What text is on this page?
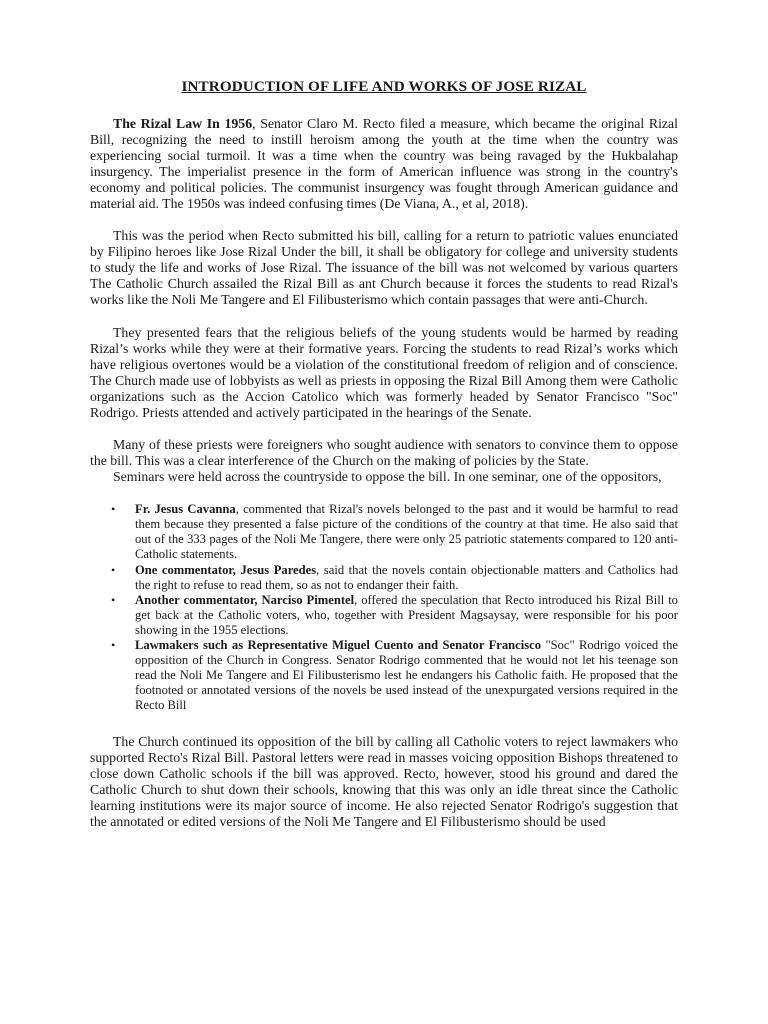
INTRODUCTION OF LIFE AND WORKS OF JOSE RIZAL

The Rizal Law In 1956, Senator Claro M. Recto filed a measure, which became the original Rizal Bill, recognizing the need to instill heroism among the youth at the time when the country was experiencing social turmoil. It was a time when the country was being ravaged by the Hukbalahap insurgency. The imperialist presence in the form of American influence was strong in the country's economy and political policies. The communist insurgency was fought through American guidance and material aid. The 1950s was indeed confusing times (De Viana, A., et al, 2018).

This was the period when Recto submitted his bill, calling for a return to patriotic values enunciated by Filipino heroes like Jose Rizal Under the bill, it shall be obligatory for college and university students to study the life and works of Jose Rizal. The issuance of the bill was not welcomed by various quarters The Catholic Church assailed the Rizal Bill as ant Church because it forces the students to read Rizal's works like the Noli Me Tangere and El Filibusterismo which contain passages that were anti-Church.

They presented fears that the religious beliefs of the young students would be harmed by reading Rizal’s works while they were at their formative years. Forcing the students to read Rizal’s works which have religious overtones would be a violation of the constitutional freedom of religion and of conscience. The Church made use of lobbyists as well as priests in opposing the Rizal Bill Among them were Catholic organizations such as the Accion Catolico which was formerly headed by Senator Francisco "Soc" Rodrigo. Priests attended and actively participated in the hearings of the Senate.

Many of these priests were foreigners who sought audience with senators to convince them to oppose the bill. This was a clear interference of the Church on the making of policies by the State.

Seminars were held across the countryside to oppose the bill. In one seminar, one of the oppositors,

• Fr. Jesus Cavanna, commented that Rizal's novels belonged to the past and it would be harmful to read them because they presented a false picture of the conditions of the country at that time. He also said that out of the 333 pages of the Noli Me Tangere, there were only 25 patriotic statements compared to 120 anti-Catholic statements.
• One commentator, Jesus Paredes, said that the novels contain objectionable matters and Catholics had the right to refuse to read them, so as not to endanger their faith.
• Another commentator, Narciso Pimentel, offered the speculation that Recto introduced his Rizal Bill to get back at the Catholic voters, who, together with President Magsaysay, were responsible for his poor showing in the 1955 elections.
• Lawmakers such as Representative Miguel Cuento and Senator Francisco "Soc" Rodrigo voiced the opposition of the Church in Congress. Senator Rodrigo commented that he would not let his teenage son read the Noli Me Tangere and El Filibusterismo lest he endangers his Catholic faith. He proposed that the footnoted or annotated versions of the novels be used instead of the unexpurgated versions required in the Recto Bill

The Church continued its opposition of the bill by calling all Catholic voters to reject lawmakers who supported Recto's Rizal Bill. Pastoral letters were read in masses voicing opposition Bishops threatened to close down Catholic schools if the bill was approved. Recto, however, stood his ground and dared the Catholic Church to shut down their schools, knowing that this was only an idle threat since the Catholic learning institutions were its major source of income. He also rejected Senator Rodrigo's suggestion that the annotated or edited versions of the Noli Me Tangere and El Filibusterismo should be used
